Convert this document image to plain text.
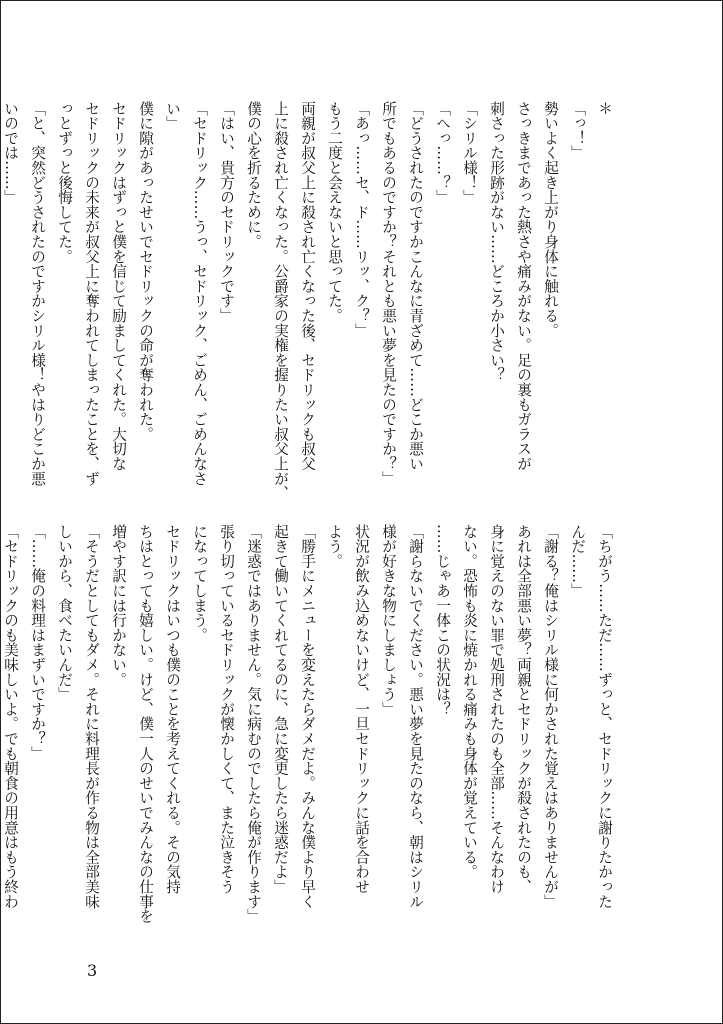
＊
「っ！」
勢いよく起き上がり身体に触れる。
さっきまであった熱さや痛みがない。足の裏もガラスが
刺さった形跡がない……どころか小さい？
「シリル様！」
「へっ……？」
「どうされたのですかこんなに青ざめて……どこか悪い
所でもあるのですか？それとも悪い夢を見たのですか？」
「あっ……セ、ド……リッ、ク？」
もう二度と会えないと思ってた。
両親が叔父上に殺され亡くなった後、セドリックも叔父
上に殺され亡くなった。公爵家の実権を握りたい叔父上が、
僕の心を折るために。
「はい、貴方のセドリックです」
「セドリック……うっ、セドリック、ごめん、ごめんなさ
い」
僕に隙があったせいでセドリックの命が奪われた。
セドリックはずっと僕を信じて励ましてくれた。大切な
セドリックの未来が叔父上に奪われてしまったことを、ず
っとずっと後悔してた。
「と、突然どうされたのですかシリル様！やはりどこか悪
いのでは……」
「ちがう……ただ……ずっと、セドリックに謝りたかった
んだ……」
「謝る？俺はシリル様に何かされた覚えはありませんが」
あれは全部悪い夢？両親とセドリックが殺されたのも、
身に覚えのない罪で処刑されたのも全部……そんなわけ
ない。恐怖も炎に焼かれる痛みも身体が覚えている。
……じゃあ一体この状況は？
「謝らないでください。悪い夢を見たのなら、朝はシリル
様が好きな物にしましょう」
状況が飲み込めないけど、一旦セドリックに話を合わせ
よう。
「勝手にメニューを変えたらダメだよ。みんな僕より早く
起きて働いてくれてるのに、急に変更したら迷惑だよ」
「迷惑ではありません。気に病むのでしたら俺が作ります」
張り切っているセドリックが懐かしくて、また泣きそう
になってしまう。
セドリックはいつも僕のことを考えてくれる。その気持
ちはとっても嬉しい。けど、僕一人のせいでみんなの仕事を
増やす訳には行かない。
「そうだとしてもダメ。それに料理長が作る物は全部美味
しいから、食べたいんだ」
「……俺の料理はまずいですか？」
「セドリックのも美味しいよ。でも朝食の用意はもう終わ
3
